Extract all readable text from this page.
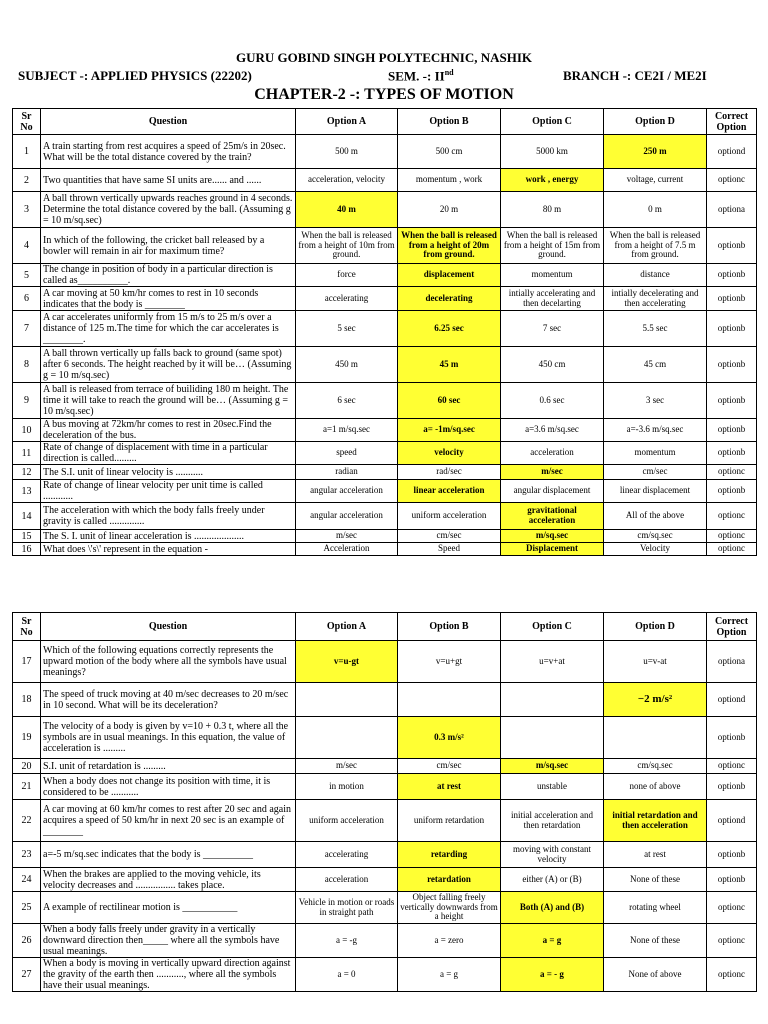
GURU GOBIND SINGH POLYTECHNIC, NASHIK
SUBJECT -: APPLIED PHYSICS (22202)	SEM. -: IInd	BRANCH -: CE2I / ME2I
CHAPTER-2 -: TYPES OF MOTION
Sr No	Question	Option A	Option B	Option C	Option D	Correct Option
1	A train starting from rest acquires a speed of 25m/s in 20sec. What will be the total distance covered by the train?	500 m	500 cm	5000 km	250 m	optiond
2	Two quantities that have same SI units are...... and ......	acceleration, velocity	momentum , work	work , energy	voltage, current	optionc
3	A ball thrown vertically upwards reaches ground in 4 seconds. Determine the total distance covered by the ball. (Assuming g = 10 m/sq.sec)	40 m	20 m	80 m	0 m	optiona
4	In which of the following, the cricket ball released by a bowler will remain in air for maximum time?	When the ball is released from a height of 10m from ground.	When the ball is released from a height of 20m from ground.	When the ball is released from a height of 15m from ground.	When the ball is released from a height of 7.5 m from ground.	optionb
5	The change in position of body in a particular direction is called as__________.	force	displacement	momentum	distance	optionb
6	A car moving at 50 km/hr comes to rest in 10 seconds indicates that the body is ________	accelerating	decelerating	intially accelerating and then decelarting	intially decelerating and then accelerating	optionb
7	A car accelerates uniformly from 15 m/s to 25 m/s over a distance of 125 m.The time for which the car accelerates is ________.	5 sec	6.25 sec	7 sec	5.5 sec	optionb
8	A ball thrown vertically up falls back to ground (same spot) after 6 seconds. The height reached by it will be… (Assuming g = 10 m/sq.sec)	450 m	45 m	450 cm	45 cm	optionb
9	A ball is released from terrace of builiding 180 m height. The time it will take to reach the ground will be… (Assuming g = 10 m/sq.sec)	6 sec	60 sec	0.6 sec	3 sec	optionb
10	A bus moving at 72km/hr comes to rest in 20sec.Find the deceleration of the bus.	a=1 m/sq.sec	a= -1m/sq.sec	a=3.6 m/sq.sec	a=-3.6 m/sq.sec	optionb
11	Rate of change of displacement with time in a particular direction is called.........	speed	velocity	acceleration	momentum	optionb
12	The S.I. unit of linear velocity is ...........	radian	rad/sec	m/sec	cm/sec	optionc
13	Rate of change of linear velocity per unit time is called ............	angular acceleration	linear acceleration	angular displacement	linear displacement	optionb
14	The acceleration with which the body falls freely under gravity is called ..............	angular acceleration	uniform acceleration	gravitational acceleration	All of the above	optionc
15	The S. I. unit of linear acceleration is ....................	m/sec	cm/sec	m/sq.sec	cm/sq.sec	optionc
16	What does \'s\' represent in the equation -	Acceleration	Speed	Displacement	Velocity	optionc
Sr No	Question	Option A	Option B	Option C	Option D	Correct Option
17	Which of the following equations correctly represents the upward motion of the body where all the symbols have usual meanings?	v=u-gt	v=u+gt	u=v+at	u=v-at	optiona
18	The speed of truck moving at 40 m/sec decreases to 20 m/sec in 10 second. What will be its deceleration?				−2 m/s²	optiond
19	The velocity of a body is given by v=10 + 0.3 t, where all the symbols are in usual meanings. In this equation, the value of acceleration is .........		0.3 m/s²			optionb
20	S.I. unit of retardation is .........	m/sec	cm/sec	m/sq.sec	cm/sq.sec	optionc
21	When a body does not change its position with time, it is considered to be ...........	in motion	at rest	unstable	none of above	optionb
22	A car moving at 60 km/hr comes to rest after 20 sec and again acquires a speed of 50 km/hr in next 20 sec is an example of ________	uniform acceleration	uniform retardation	initial acceleration and then retardation	initial retardation and then acceleration	optiond
23	a=-5 m/sq.sec indicates that the body is __________	accelerating	retarding	moving with constant velocity	at rest	optionb
24	When the brakes are applied to the moving vehicle, its velocity decreases and ................ takes place.	acceleration	retardation	either (A) or (B)	None of these	optionb
25	A example of rectilinear motion is ___________	Vehicle in motion or roads in straight path	Object falling freely vertically downwards from a height	Both (A) and (B)	rotating wheel	optionc
26	When a body falls freely under gravity in a vertically downward direction then_____ where all the symbols have usual meanings.	a = -g	a = zero	a = g	None of these	optionc
27	When a body is moving in vertically upward direction against the gravity of the earth then ..........., where all the symbols have their usual meanings.	a = 0	a = g	a = - g	None of above	optionc
